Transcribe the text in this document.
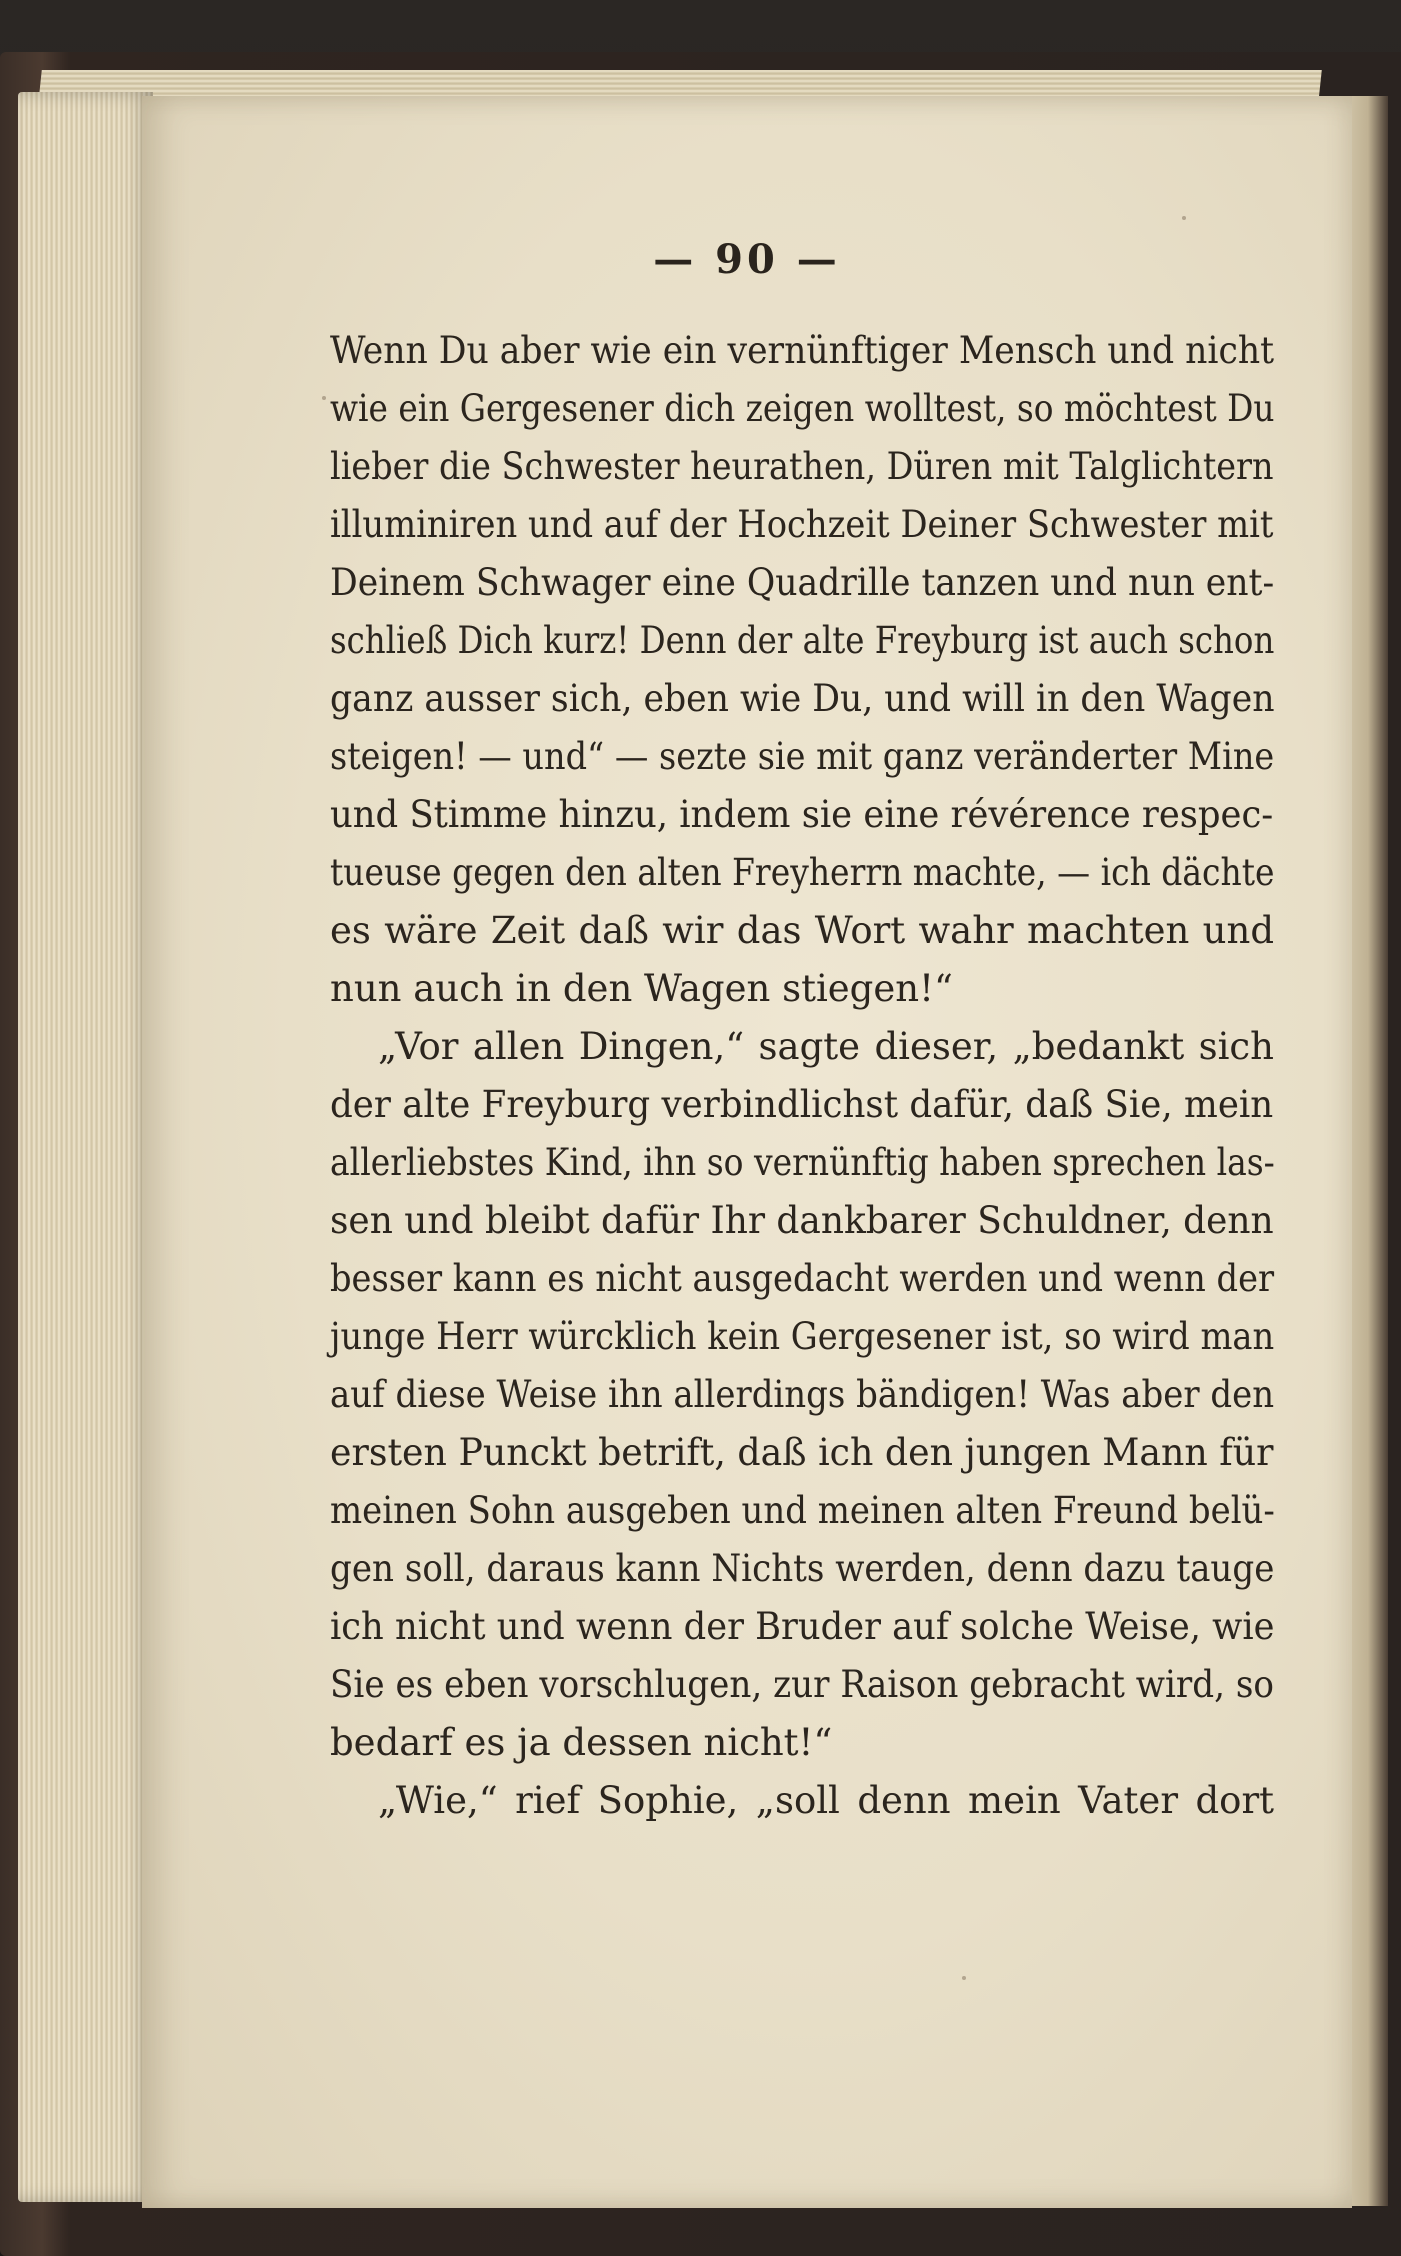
— 90 —
Wenn Du aber wie ein vernünftiger Mensch und nicht
wie ein Gergesener dich zeigen wolltest, so möchtest Du
lieber die Schwester heurathen, Düren mit Talglichtern
illuminiren und auf der Hochzeit Deiner Schwester mit
Deinem Schwager eine Quadrille tanzen und nun ent-
schließ Dich kurz! Denn der alte Freyburg ist auch schon
ganz ausser sich, eben wie Du, und will in den Wagen
steigen! — und“ — sezte sie mit ganz veränderter Mine
und Stimme hinzu, indem sie eine révérence respec-
tueuse gegen den alten Freyherrn machte, — ich dächte
es wäre Zeit daß wir das Wort wahr machten und
nun auch in den Wagen stiegen!“
„Vor allen Dingen,“ sagte dieser, „bedankt sich
der alte Freyburg verbindlichst dafür, daß Sie, mein
allerliebstes Kind, ihn so vernünftig haben sprechen las-
sen und bleibt dafür Ihr dankbarer Schuldner, denn
besser kann es nicht ausgedacht werden und wenn der
junge Herr würcklich kein Gergesener ist, so wird man
auf diese Weise ihn allerdings bändigen! Was aber den
ersten Punckt betrift, daß ich den jungen Mann für
meinen Sohn ausgeben und meinen alten Freund belü-
gen soll, daraus kann Nichts werden, denn dazu tauge
ich nicht und wenn der Bruder auf solche Weise, wie
Sie es eben vorschlugen, zur Raison gebracht wird, so
bedarf es ja dessen nicht!“
„Wie,“ rief Sophie, „soll denn mein Vater dort
